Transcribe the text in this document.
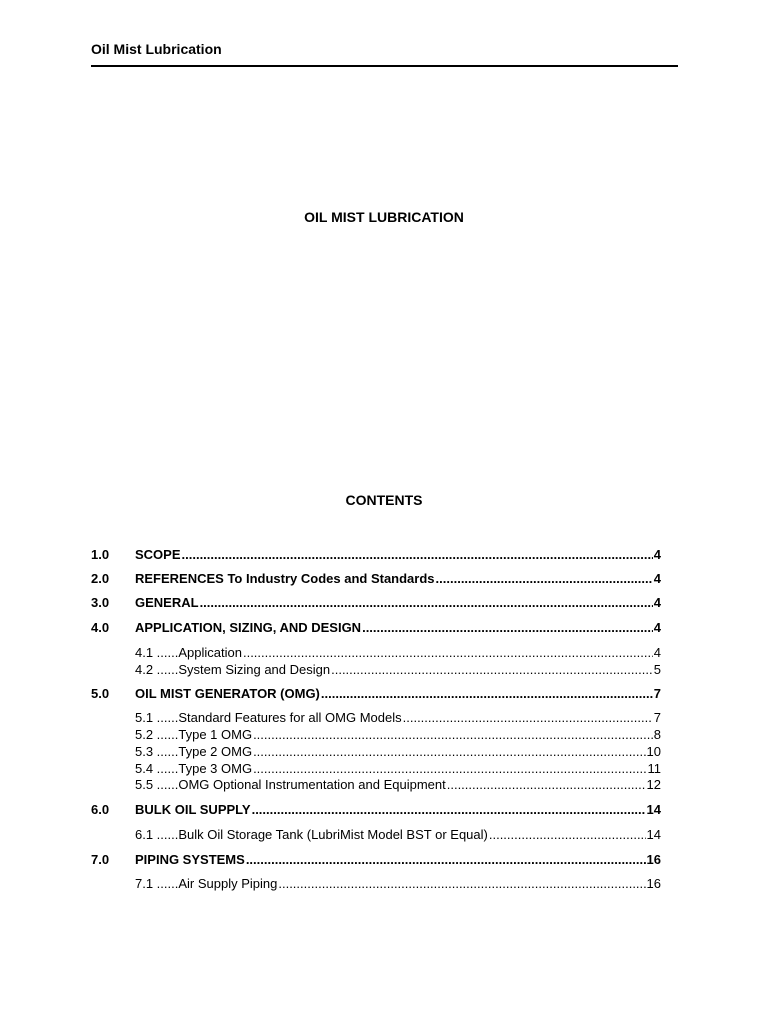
Oil Mist Lubrication
OIL MIST LUBRICATION
CONTENTS
1.0	SCOPE .....	4
2.0	REFERENCES To Industry Codes and Standards .....	4
3.0	GENERAL .....	4
4.0	APPLICATION, SIZING, AND DESIGN .....	4
4.1 ...... Application .....	4
4.2 ...... System Sizing and Design .....	5
5.0	OIL MIST GENERATOR (OMG) .....	7
5.1 ...... Standard Features for all OMG Models .....	7
5.2 ...... Type 1 OMG .....	8
5.3 ...... Type 2 OMG .....	10
5.4 ...... Type 3 OMG .....	11
5.5 ...... OMG Optional Instrumentation and Equipment .....	12
6.0	BULK OIL SUPPLY .....	14
6.1 ...... Bulk Oil Storage Tank (LubriMist Model BST or Equal) .....	14
7.0	PIPING SYSTEMS .....	16
7.1 ...... Air Supply Piping .....	16
